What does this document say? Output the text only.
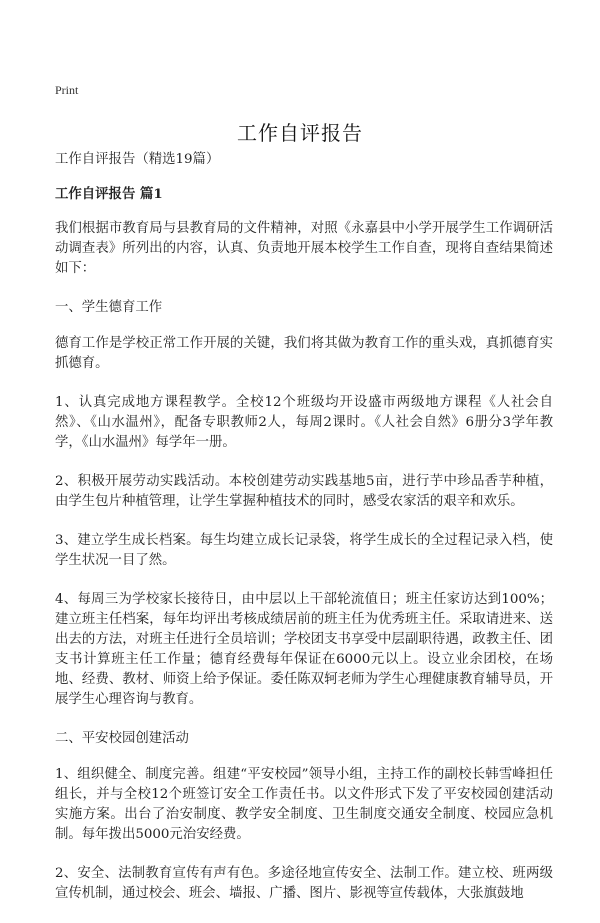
Print
工作自评报告

工作自评报告（精选19篇）

工作自评报告 篇1

我们根据市教育局与县教育局的文件精神，对照《永嘉县中小学开展学生工作调研活动调查表》所列出的内容，认真、负责地开展本校学生工作自查，现将自查结果简述如下：

一、学生德育工作

德育工作是学校正常工作开展的关键，我们将其做为教育工作的重头戏，真抓德育实抓德育。

1、认真完成地方课程教学。全校12个班级均开设盛市两级地方课程《人社会自然》、《山水温州》，配备专职教师2人，每周2课时。《人社会自然》6册分3学年教学，《山水温州》每学年一册。

2、积极开展劳动实践活动。本校创建劳动实践基地5亩，进行芋中珍品香芋种植，由学生包片种植管理，让学生掌握种植技术的同时，感受农家活的艰辛和欢乐。

3、建立学生成长档案。每生均建立成长记录袋，将学生成长的全过程记录入档，使学生状况一目了然。

4、每周三为学校家长接待日，由中层以上干部轮流值日；班主任家访达到100%；建立班主任档案，每年均评出考核成绩居前的班主任为优秀班主任。采取请进来、送出去的方法，对班主任进行全员培训；学校团支书享受中层副职待遇，政教主任、团支书计算班主任工作量；德育经费每年保证在6000元以上。设立业余团校，在场地、经费、教材、师资上给予保证。委任陈双轲老师为学生心理健康教育辅导员，开展学生心理咨询与教育。

二、平安校园创建活动

1、组织健全、制度完善。组建“平安校园”领导小组，主持工作的副校长韩雪峰担任组长，并与全校12个班签订安全工作责任书。以文件形式下发了平安校园创建活动实施方案。出台了治安制度、教学安全制度、卫生制度交通安全制度、校园应急机制。每年拨出5000元治安经费。

2、安全、法制教育宣传有声有色。多途径地宣传安全、法制工作。建立校、班两级宣传机制，通过校会、班会、墙报、广播、图片、影视等宣传载体，大张旗鼓地
